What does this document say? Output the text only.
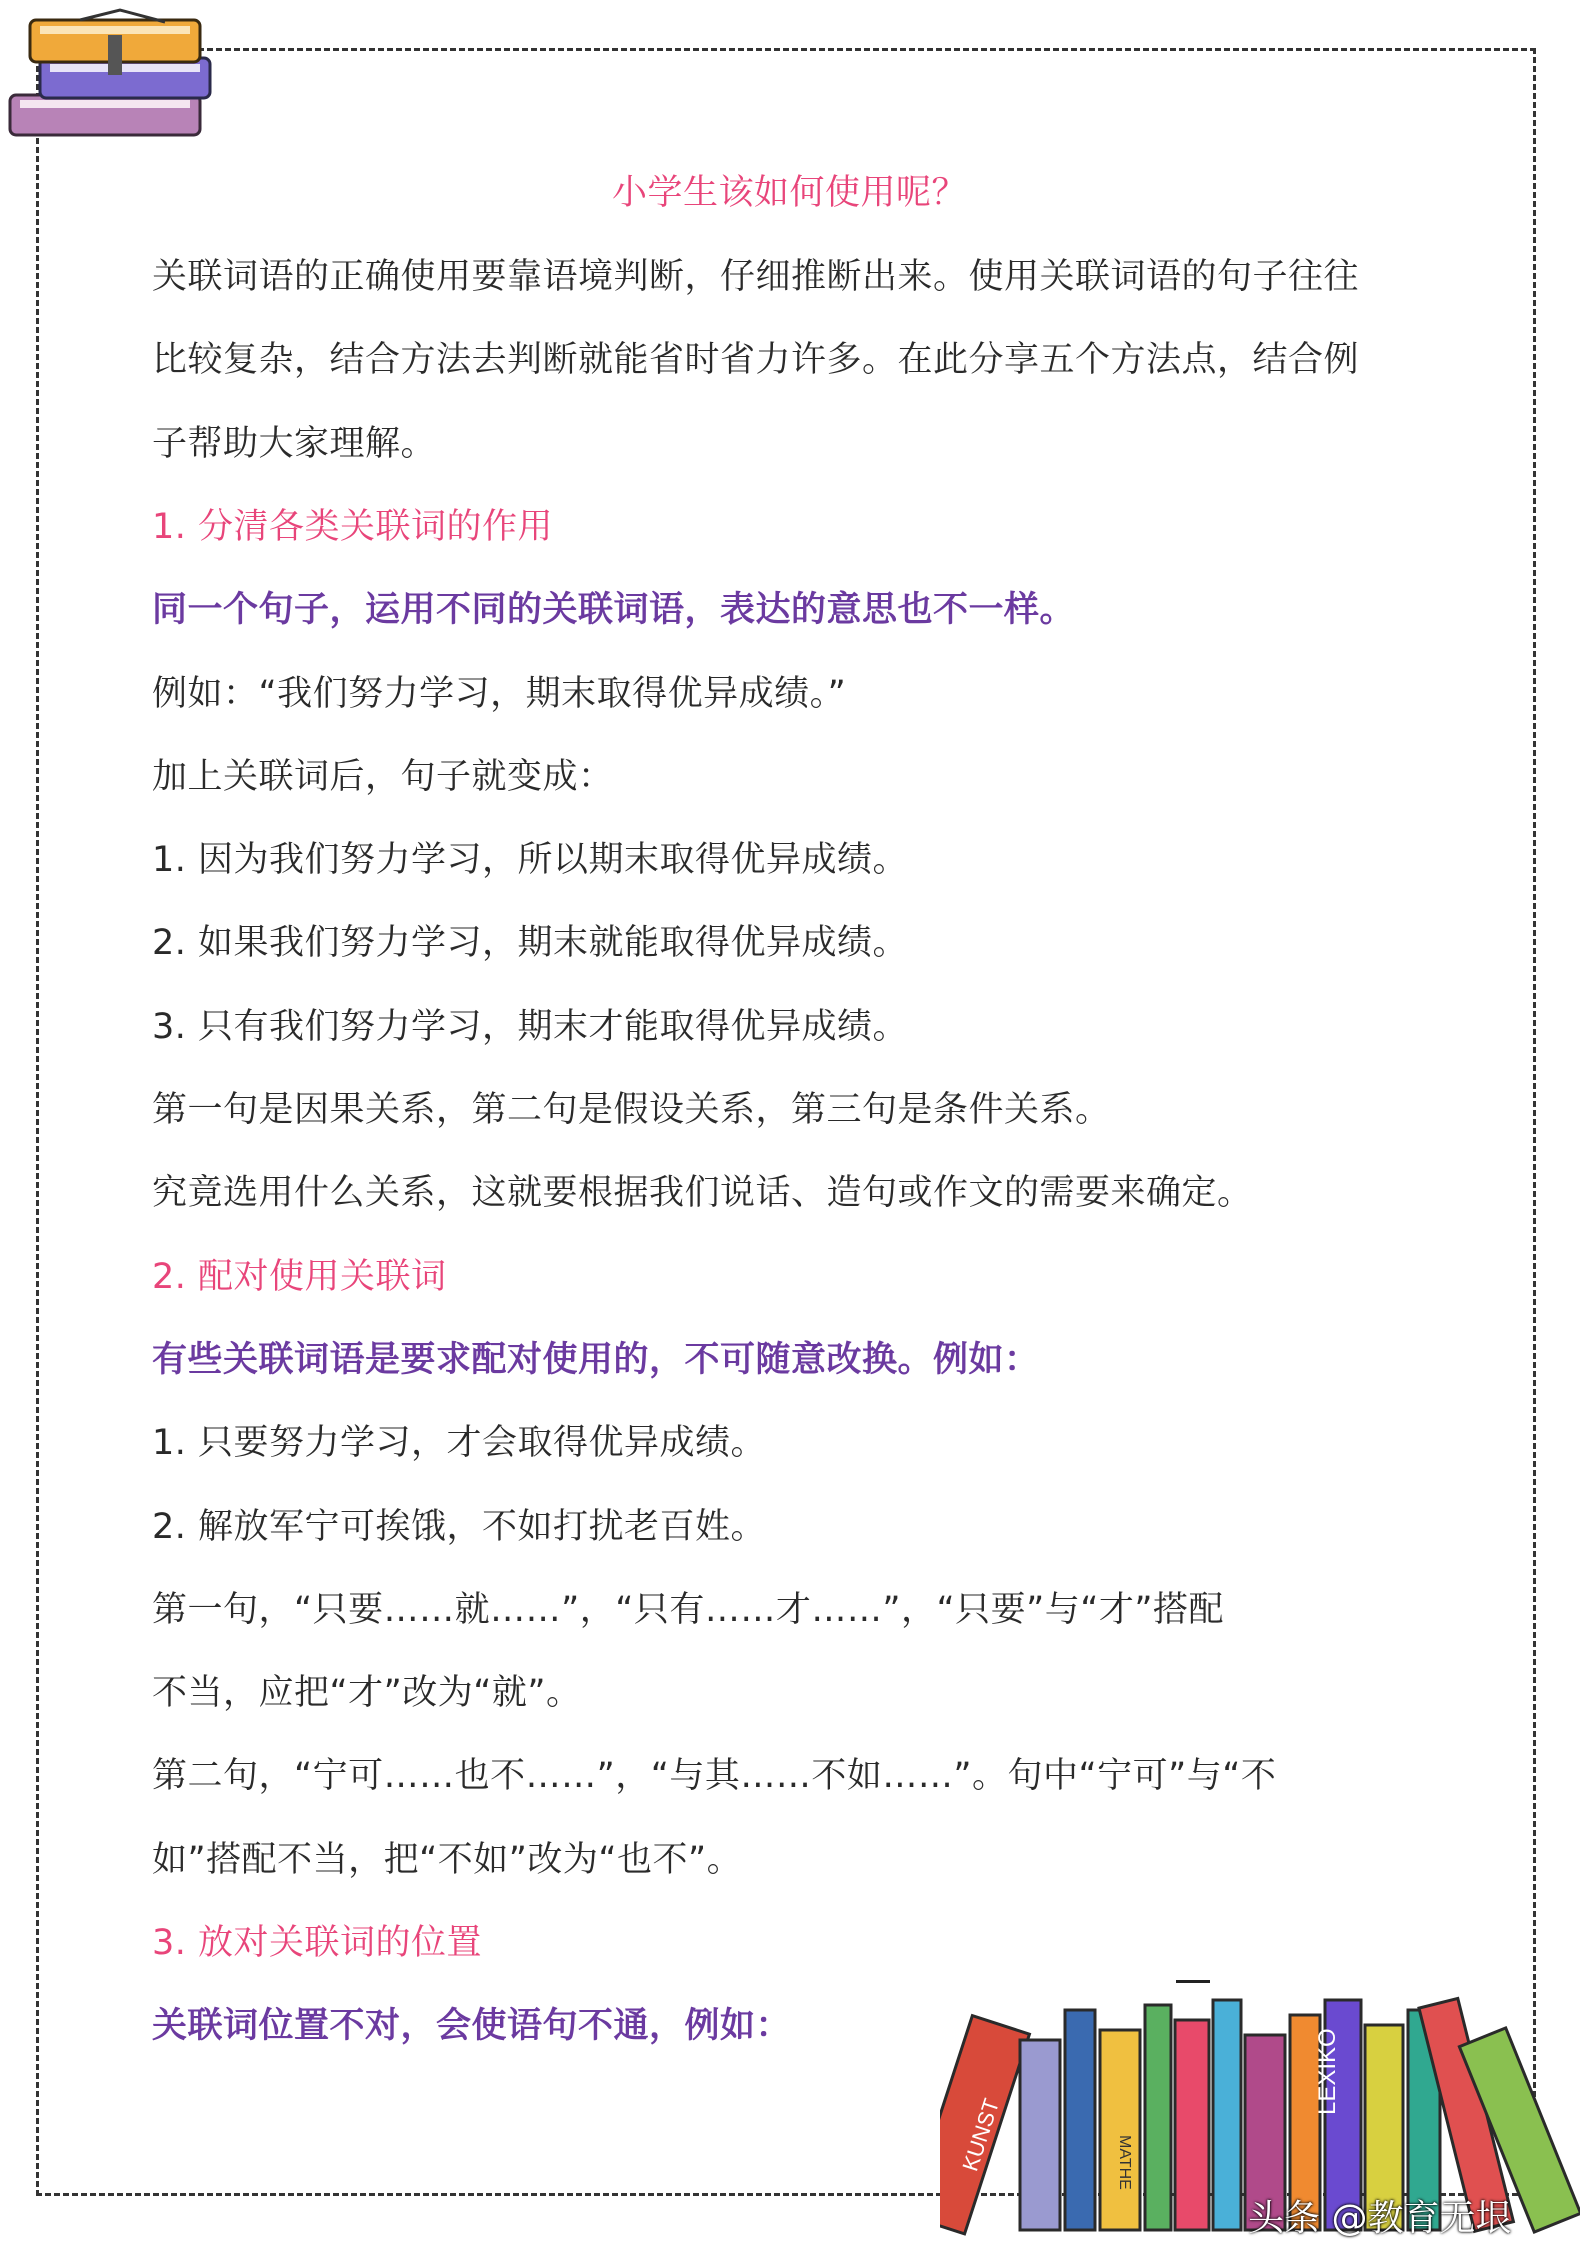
小学生该如何使用呢？
关联词语的正确使用要靠语境判断，仔细推断出来。使用关联词语的句子往往
比较复杂，结合方法去判断就能省时省力许多。在此分享五个方法点，结合例
子帮助大家理解。
1. 分清各类关联词的作用
同一个句子，运用不同的关联词语，表达的意思也不一样。
例如：“我们努力学习，期末取得优异成绩。”
加上关联词后，句子就变成：
1. 因为我们努力学习，所以期末取得优异成绩。
2. 如果我们努力学习，期末就能取得优异成绩。
3. 只有我们努力学习，期末才能取得优异成绩。
第一句是因果关系，第二句是假设关系，第三句是条件关系。
究竟选用什么关系，这就要根据我们说话、造句或作文的需要来确定。
2. 配对使用关联词
有些关联词语是要求配对使用的，不可随意改换。例如：
1. 只要努力学习，才会取得优异成绩。
2. 解放军宁可挨饿，不如打扰老百姓。
第一句，“只要……就……”，“只有……才……”，“只要”与“才”搭配
不当，应把“才”改为“就”。
第二句，“宁可……也不……”，“与其……不如……”。句中“宁可”与“不
如”搭配不当，把“不如”改为“也不”。
3. 放对关联词的位置
关联词位置不对，会使语句不通，例如：
KUNST	MATHE
LEXIKO
头条 @教育无垠
